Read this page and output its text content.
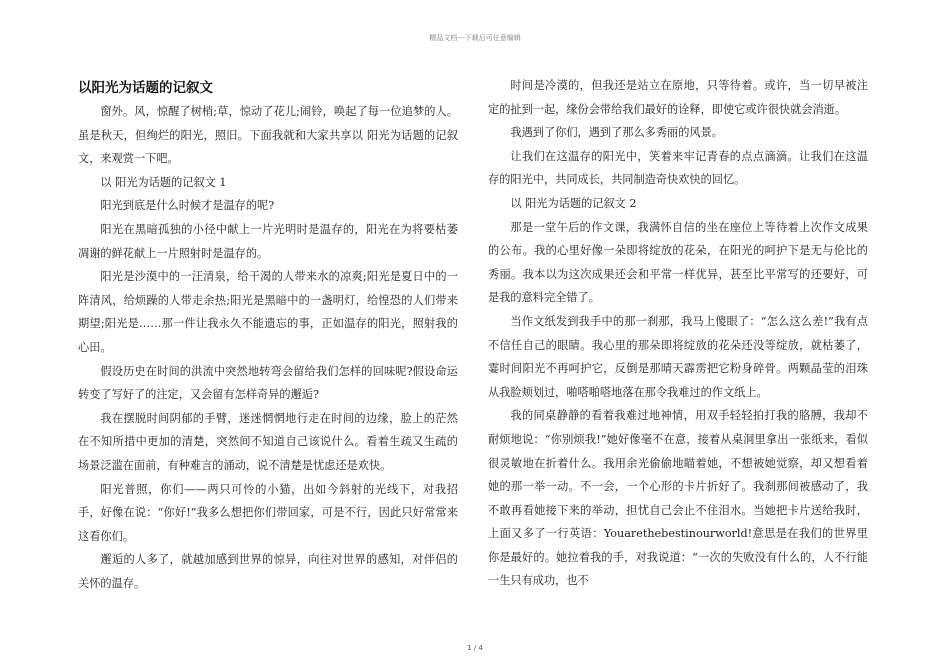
精品文档---下载后可任意编辑
以阳光为话题的记叙文

窗外。风，惊醒了树梢;草，惊动了花儿;闹铃，唤起了每一位追梦的人。虽是秋天，但绚烂的阳光，照旧。下面我就和大家共享以 阳光为话题的记叙文，来观赏一下吧。

以 阳光为话题的记叙文 1

阳光到底是什么时候才是温存的呢?

阳光在黑暗孤独的小径中献上一片光明时是温存的，阳光在为将要枯萎凋谢的鲜花献上一片照射时是温存的。

阳光是沙漠中的一汪清泉，给干渴的人带来水的凉爽;阳光是夏日中的一阵清风，给烦躁的人带走余热;阳光是黑暗中的一盏明灯，给惶恐的人们带来期望;阳光是……那一件让我永久不能遗忘的事，正如温存的阳光，照射我的心田。

假设历史在时间的洪流中突然地转弯会留给我们怎样的回味呢?假设命运转变了写好了的注定，又会留有怎样奇异的邂逅?

我在摆脱时间阴郁的手臂，迷迷惘惘地行走在时间的边缘，脸上的茫然在不知所措中更加的清楚，突然间不知道自己该说什么。看着生疏又生疏的场景泛滥在面前，有种难言的涌动，说不清楚是忧虑还是欢快。

阳光普照，你们——两只可怜的小猫，出如今斜射的光线下，对我招手，好像在说：“你好!”我多么想把你们带回家，可是不行，因此只好常常来这看你们。

邂逅的人多了，就越加感到世界的惊异，向往对世界的感知，对伴侣的关怀的温存。

时间是冷漠的，但我还是站立在原地，只等待着。或许，当一切早被注定的扯到一起，缘份会带给我们最好的诠释，即使它或许很快就会消逝。

我遇到了你们，遇到了那么多秀丽的风景。

让我们在这温存的阳光中，笑着来牢记青春的点点滴滴。让我们在这温存的阳光中，共同成长，共同制造奇快欢快的回忆。

以 阳光为话题的记叙文 2

那是一堂午后的作文课，我满怀自信的坐在座位上等待着上次作文成果的公布。我的心里好像一朵即将绽放的花朵，在阳光的呵护下是无与伦比的秀丽。我本以为这次成果还会和平常一样优异，甚至比平常写的还要好，可是我的意料完全错了。

当作文纸发到我手中的那一刹那，我马上傻眼了：“怎么这么差!”我有点不信任自己的眼睛。我心里的那朵即将绽放的花朵还没等绽放，就枯萎了，霎时间阳光不再呵护它，反倒是那晴天霹雳把它粉身碎骨。两颗晶莹的泪珠从我脸颊划过，啪嗒啪嗒地落在那令我难过的作文纸上。

我的同桌静静的看着我难过地神情，用双手轻轻拍打我的胳膊，我却不耐烦地说：“你别烦我!”她好像毫不在意，接着从桌洞里拿出一张纸来，看似很灵敏地在折着什么。我用余光偷偷地瞄着她，不想被她觉察，却又想看着她的那一举一动。不一会，一个心形的卡片折好了。我刹那间被感动了，我不敢再看她接下来的举动，担忧自己会止不住泪水。当她把卡片送给我时，上面又多了一行英语：Youarethebestinourworld!意思是在我们的世界里你是最好的。她拉着我的手，对我说道：“一次的失败没有什么的，人不行能一生只有成功，也不

1 / 4
